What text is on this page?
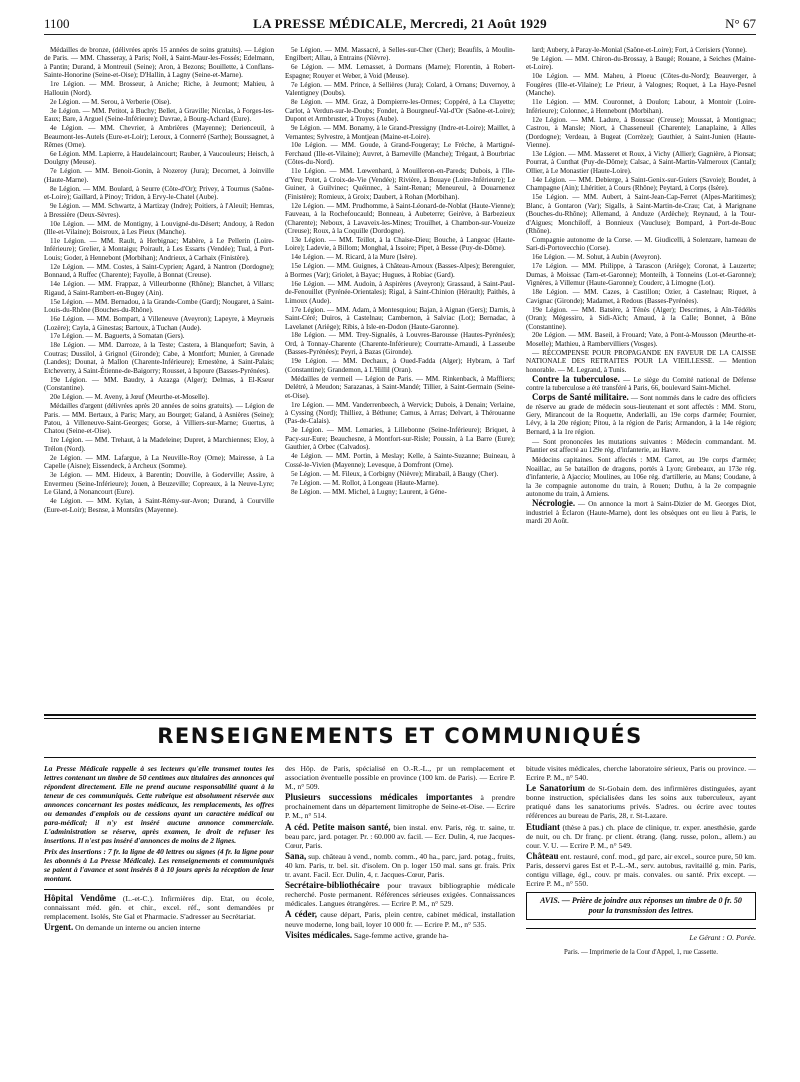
1100	LA PRESSE MÉDICALE, Mercredi, 21 Août 1929	N° 67

Médailles de bronze, (délivrées après 15 années de soins gratuits). — Légion de Paris. — MM. Chasseray, à Paris; Noël, à Saint-Maur-les-Fossés; Edelmann, à Pantin; Durand, à Montreuil (Seine); Aron, à Bezons; Bouillette, à Conflans-Sainte-Honorine (Seine-et-Oise); D'Hallin, à Lagny (Seine-et-Marne).

1re Légion. — MM. Brosseur, à Aniche; Riche, à Jeumont; Mahieu, à Hallouin (Nord).

2e Légion. — M. Serou, à Verberie (Oise).

3e Légion. — MM. Petitot, à Buchy; Bellet, à Graville; Nicolas, à Forges-les-Eaux; Bare, à Arguel (Seine-Inférieure); Davrae, à Bourg-Achard (Eure).

4e Légion. — MM. Chevrier, à Ambrières (Mayenne); Derienceuil, à Beaumont-les-Autels (Eure-et-Loir); Leroux, à Connerré (Sarthe); Boussagnet, à Rêmes (Orne).

6e Légion. MM. Lapierre, à Haudelaincourt; Rauber, à Vaucouleurs; Heisch, à Doulgny (Meuse).

7e Légion. — MM. Benoit-Gonin, à Nozeroy (Jura); Decornet, à Joinville (Haute-Marne).

8e Légion. — MM. Boulard, à Seurre (Côte-d'Or); Privey, à Tournus (Saône-et-Loire); Gaillard, à Pinoy; Tridon, à Ervy-le-Chatel (Aube).

9e Légion. — MM. Schwartz, à Martizay (Indre); Poitiers, à l'Aleuil; Hemras, à Bressière (Deux-Sèvres).

10e Légion. — MM. de Montigny, à Louvigné-du-Désert; Andouy, à Redon (Ille-et-Vilaine); Boisroux, à Les Pieux (Manche).

11e Légion. — MM. Rault, à Herbignac; Mabère, à Le Pellerin (Loire-Inférieure); Grelier, à Montaigu; Poirault, à Les Essarts (Vendée); Tual, à Port-Louis; Goder, à Hennebont (Morbihan); Andrieux, à Carhaix (Finistère).

12e Légion. — MM. Costes, à Saint-Cyprien; Agard, à Nantron (Dordogne); Bonnaud, à Ruffec (Charente); Fayolle, à Bonnat (Creuse).

14e Légion. — MM. Frappaz, à Villeurbonne (Rhône); Blanchet, à Villars; Rigaud, à Saint-Rambert-en-Bugey (Ain).

15e Légion. — MM. Bernadou, à la Grande-Combe (Gard); Nougaret, à Saint-Louis-du-Rhône (Bouches-du-Rhône).

16e Légion. — MM. Bompart, à Villeneuve (Aveyron); Lapeyre, à Meyrueis (Lozère); Cayla, à Ginestas; Bartoux, à Tuchan (Aude).

17e Légion. — M. Baguerts, à Somatan (Gers).

18e Légion. — MM. Darroze, à la Teste; Castera, à Blanquefort; Savin, à Coutras; Dussilol, à Grignol (Gironde); Cabe, à Montfort; Munier, à Grenade (Landes); Dounat, à Mallon (Charente-Inférieure); Ernestène, à Saint-Palais; Etcheverry, à Saint-Étienne-de-Baigorry; Rousset, à Ispoure (Basses-Pyrénées).

19e Légion. — MM. Baudry, à Azazga (Alger); Delmas, à El-Kseur (Constantine).

20e Légion. — M. Aveny, à Jœuf (Meurthe-et-Moselle).

Médailles d'argent (délivrées après 20 années de soins gratuits). — Légion de Paris. — MM. Bertaux, à Paris; Mary, au Bourget; Galand, à Asnières (Seine); Patou, à Villeneuve-Saint-Georges; Gorse, à Villiers-sur-Marne; Guertus, à Chatou (Seine-et-Oise).

1re Légion. — MM. Trehaut, à la Madeleine; Dupret, à Marchiennes; Eloy, à Trélon (Nord).

2e Légion. — MM. Lafargue, à La Neuville-Roy (Orne); Mairesse, à La Capelle (Aisne); Eissendeck, à Archeux (Somme).

3e Légion. — MM. Hideux, à Barentin; Douville, à Goderville; Assire, à Envermeu (Seine-Inférieure); Jouen, à Beuzeville; Copreaux, à la Neuve-Lyre; Le Gland, à Nonancourt (Eure).

4e Légion. — MM. Kylan, à Saint-Rémy-sur-Avon; Durand, à Courville (Eure-et-Loir); Besnse, à Montsûrs (Mayenne).

5e Légion. — MM. Massacré, à Selles-sur-Cher (Cher); Beaufils, à Moulin-Engilbert; Allau, à Entrains (Nièvre).

6e Légion. — MM. Lemasset, à Dormans (Marne); Florentin, à Robert-Espagne; Rouyer et Weber, à Void (Meuse).

7e Légion. — MM. Prince, à Sellières (Jura); Colard, à Ornans; Duvernoy, à Valentigney (Doubs).

8e Légion. — MM. Graz, à Dompierre-les-Ormes; Coppéré, à La Clayette; Carlot, à Verdun-sur-le-Doubs; Fondet, à Bourgneuf-Val-d'Or (Saône-et-Loire); Dupont et Armbruster, à Troyes (Aube).

9e Légion. — MM. Bonamy, à le Grand-Pressigny (Indre-et-Loire); Maillet, à Vernantes; Sylvestre, à Montjean (Maine-et-Loire).

10e Légion. — MM. Goude, à Grand-Fougeray; Le Frèche, à Martigné-Ferchaud (Ille-et-Vilaine); Auvret, à Barneville (Manche); Trégaut, à Bourbriac (Côtes-du-Nord).

11e Légion. — MM. Lœwenhard, à Mouilleron-en-Pareds; Dubois, à l'Ile-d'Yeu; Potet, à Croix-de-Vie (Vendée); Rivière, à Bouaye (Loire-Inférieure); Le Guiner, à Guilvinec; Quéinnec, à Saint-Renan; Meneureul, à Douarnenez (Finistère); Romieux, à Groix; Daubert, à Rohan (Morbihan).

12e Légion. — MM. Prudhomme, à Saint-Léonard-de-Noblat (Haute-Vienne); Fauveau, à la Rochefoucauld; Bonneau, à Aubeterre; Geirève, à Barbezieux (Charente); Neboux, à Lavaveix-les-Mines; Trouilhet, à Chambon-sur-Voueize (Creuse); Roux, à la Coquille (Dordogne).

13e Légion. — MM. Teillot, à la Chaise-Dieu; Bouche, à Langeac (Haute-Loire); Ladevie, à Billom; Monghal, à Issoire; Pipet, à Besse (Puy-de-Dôme).

14e Légion. — M. Ricard, à la Mure (Isère).

15e Légion. — MM. Guignes, à Château-Arnoux (Basses-Alpes); Berenguier, à Bormes (Var); Griolet, à Bayac; Hugues, à Robiac (Gard).

16e Légion. — MM. Audoin, à Aspirères (Aveyron); Grassaud, à Saint-Paul-de-Fenouillet (Pyrénée-Orientales); Rigal, à Saint-Chinion (Hérault); Paithès, à Limoux (Aude).

17e Légion. — MM. Adam, à Montesquiou; Bajan, à Aignan (Gers); Darnis, à Saint-Céré; Duiros, à Castelnau; Cambernon, à Salviac (Lot); Bernadac, à Lavelanet (Ariège); Ribis, à Isle-en-Dodon (Haute-Garonne).

18e Légion. — MM. Trey-Signalès, à Louvres-Barousse (Hautes-Pyrénées); Ord, à Tonnay-Charente (Charente-Inférieure); Courratte-Arnaudi, à Lasseube (Basses-Pyrénées); Peyri, à Bazas (Gironde).

19e Légion. — MM. Dechaux, à Oued-Fadda (Alger); Hybram, à Tarf (Constantine); Grandemon, à L'Hillil (Oran).

Médailles de vermeil — Légion de Paris. — MM. Rinkenback, à Maffliers; Delétré, à Meudon; Sarazanas, à Saint-Mandé; Tillier, à Saint-Germain (Seine-et-Oise).

1re Légion. — MM. Vanderrenbeech, à Wervick; Dubois, à Denain; Verlaine, à Cyssing (Nord); Thilliez, à Béthune; Camus, à Arras; Delvart, à Thérouanne (Pas-de-Calais).

3e Légion. — MM. Lemaries, à Lillebonne (Seine-Inférieure); Briquet, à Pacy-sur-Eure; Beauchesne, à Montfort-sur-Risle; Poussin, à La Barre (Eure); Gauthier, à Orbec (Calvados).

4e Légion. — MM. Portin, à Meslay; Kelle, à Sainte-Suzanne; Buineau, à Cossé-le-Vivien (Mayenne); Levesque, à Domfront (Orne).

5e Légion. — M. Fileux, à Corbigny (Nièvre); Mirabail, à Baugy (Cher).

7e Légion. — M. Rollot, à Longeau (Haute-Marne).

8e Légion. — MM. Michel, à Lugny; Laurent, à Géne-

lard; Aubery, à Paray-le-Monial (Saône-et-Loire); Fort, à Cerisiers (Yonne).

9e Légion. — MM. Chiron-du-Brossay, à Baugé; Rouane, à Seiches (Maine-et-Loire).

10e Légion. — MM. Maheu, à Ploeuc (Côtes-du-Nord); Beauverger, à Fougères (Ille-et-Vilaine); Le Prieur, à Valognes; Roquet, à La Haye-Pesnel (Manche).

11e Légion. — MM. Couronnet, à Doulon; Labour, à Montoir (Loire-Inférieure); Colonnec, à Hennebont (Morbihan).

12e Légion. — MM. Ladure, à Boussac (Creuse); Moussat, à Montignac; Castrou, à Mansle; Niort, à Chasseneuil (Charente); Lanaplaine, à Alles (Dordogne); Verdeau, à Bugeat (Corrèze); Gauthier, à Saint-Junien (Haute-Vienne).

13e Légion. — MM. Masseret et Roux, à Vichy (Allier); Gagnière, à Pionsat; Pourrat, à Cunthat (Puy-de-Dôme); Calsac, à Saint-Martin-Valmeroux (Cantal); Ollier, à Le Monastier (Haute-Loire).

14e Légion. — MM. Debierge, à Saint-Genix-sur-Guiers (Savoie); Boudet, à Champagne (Ain); Lhéritier, à Cours (Rhône); Peytard, à Corps (Isère).

15e Légion. — MM. Aubert, à Saint-Jean-Cap-Ferret (Alpes-Maritimes); Blanc, à Gontaron (Var); Sigalls, à Saint-Martin-de-Crau; Cat, à Marignane (Bouches-du-Rhône); Allemand, à Anduze (Ardèche); Reynaud, à la Tour-d'Aigues; Monchiloff, à Bonnieux (Vaucluse); Bompard, à Port-de-Bouc (Rhône).

Compagnie autonome de la Corse. — M. Giudicelli, à Solenzare, hameau de Sari-di-Portovecchio (Corse).

16e Légion. — M. Sohut, à Aubin (Aveyron).

17e Légion. — MM. Philippe, à Tarascon (Ariège); Coronat, à Lauzerte; Dumas, à Moissac (Tarn-et-Garonne); Monteilh, à Tonneins (Lot-et-Garonne); Vignères, à Villemur (Haute-Garonne); Couderc, à Limogne (Lot).

18e Légion. — MM. Cazes, à Castillon; Ozier, à Castelnau; Riquet, à Cavignac (Gironde); Madamet, à Redous (Basses-Pyrénées).

19e Légion. — MM. Batsère, à Ténès (Alger); Descrimes, à Aïn-Tédélès (Oran); Mégessiro, à Sidi-Aïch; Amaud, à la Calle; Bonnet, à Bône (Constantine).

20e Légion. — MM. Baseil, à Frouard; Vate, à Pont-à-Mousson (Meurthe-et-Moselle); Mathieu, à Rambervilliers (Vosges).

— RÉCOMPENSE POUR PROPAGANDE EN FAVEUR DE LA CAISSE NATIONALE DES RETRAITES POUR LA VIEILLESSE. — Mention honorable. — M. Legrand, à Tunis.

Contre la tuberculose. — Le siège du Comité national de Défense contre la tuberculose a été transféré à Paris, 66, boulevard Saint-Michel.

Corps de Santé militaire. — Sont nommés dans le cadre des officiers de réserve au grade de médecin sous-lieutenant et sont affectés : MM. Storu, Gery, Mirancout de la Roquette, Anderlalli, au 19e corps d'armée; Fournier, Lévy, à la 20e région; Pitou, à la région de Paris; Armandon, à la 14e région; Bernard, à la 1re région.

— Sont prononcées les mutations suivantes : Médecin commandant. M. Plantier est affecté au 129e rég. d'infanterie, au Havre.

Médecins capitaines. Sont affectés : MM. Carret, au 19e corps d'armée; Noaillac, au 5e bataillon de dragons, portés à Lyon; Grebeaux, au 173e rég. d'infanterie, à Ajaccio; Moulines, au 106e rég. d'artillerie, au Mans; Coudane, à la 3e compagnie autonome du train, à Rouen; Duthu, à la 2e compagnie autonome du train, à Amiens.

Nécrologie. — On annonce la mort à Saint-Dizier de M. Georges Diot, industriel à Éclaron (Haute-Marne), dont les obsèques ont eu lieu à Paris, le mardi 20 Août.

RENSEIGNEMENTS ET COMMUNIQUÉS

La Presse Médicale rappelle à ses lecteurs qu'elle transmet toutes les lettres contenant un timbre de 50 centimes aux titulaires des annonces qui répondent directement. Elle ne prend aucune responsabilité quant à la teneur de ces communiqués. Cette rubrique est absolument réservée aux annonces concernant les postes médicaux, les remplacements, les offres ou demandes d'emplois ou de cessions ayant un caractère médical ou para-médical; il n'y est inséré aucune annonce commerciale. L'administration se réserve, après examen, le droit de refuser les insertions. Il n'est pas inséré d'annonces de moins de 2 lignes.

Prix des insertions : 7 fr. la ligne de 40 lettres ou signes (4 fr. la ligne pour les abonnés à La Presse Médicale). Les renseignements et communiqués se paient à l'avance et sont insérés 8 à 10 jours après la réception de leur montant.

Hôpital Vendôme (L.-et-C.). Infirmières dip. Etat, ou école, connaissant méd. gén. et chir., excel. réf., sont demandées pr remplacement. Isolés, Ste Gal et Pharmacie. S'adresser au Secrétariat.

Urgent. On demande un interne ou ancien interne

des Hôp. de Paris, spécialisé en O.-R.-L., pr un remplacement et association éventuelle possible en province (100 km. de Paris). — Ecrire P. M., n° 509.

Plusieurs successions médicales importantes à prendre prochainement dans un département limitrophe de Seine-et-Oise. — Ecrire P. M., n° 514.

A céd. Petite maison santé, bien instal. env. Paris, rég. tr. saine, tr. beau parc, jard. potager. Pr. : 60.000 av. facil. — Ecr. Dulin, 4, rue Jacques-Cœur, Paris.

Sana, sup. château à vend., nomb. comm., 40 ha., parc, jard. potag., fruits, 40 km. Paris, tr. bel. sit. d'isolem. On p. loger 150 mal. sans gr. frais. Prix tr. avant. Facil. Ecr. Dulin, 4, r. Jacques-Cœur, Paris.

Secrétaire-bibliothécaire pour travaux bibliographie médicale recherché. Poste permanent. Références sérieuses exigées. Connaissances médicales. Langues étrangères. — Ecrire P. M., n° 529.

A céder, cause départ, Paris, plein centre, cabinet médical, installation neuve moderne, long bail, loyer 10 000 fr. — Ecrire P. M., n° 535.

Visites médicales. Sage-femme active, grande ha-

bitude visites médicales, cherche laboratoire sérieux, Paris ou province. — Ecrire P. M., n° 540.

Le Sanatorium de St-Gobain dem. des infirmières distinguées, ayant bonne instruction, spécialisées dans les soins aux tuberculeux, ayant pratiqué dans les sanatoriums privés. S'adres. ou écrire avec toutes références au bureau de Paris, 28, r. St-Lazare.

Etudiant (thèse à pas.) ch. place de clinique, tr. exper. anesthésie, garde de nuit, ou ch. Dr franç. pr client. étrang. (lang. russe, polon., allem.) au cour. V. U. — Ecrire P. M., n° 549.

Château ent. restauré, conf. mod., gd parc, air excel., source pure, 50 km. Paris, desservi gares Est et P.-L.-M., serv. autobus, ravitaillé g. min. Paris, contigu village, égl., couv. pr mais. convales. ou santé. Prix except. — Ecrire P. M., n° 550.

AVIS. — Prière de joindre aux réponses un timbre de 0 fr. 50 pour la transmission des lettres.
Le Gérant : O. Porée.
Paris. — Imprimerie de la Cour d'Appel, 1, rue Cassette.
